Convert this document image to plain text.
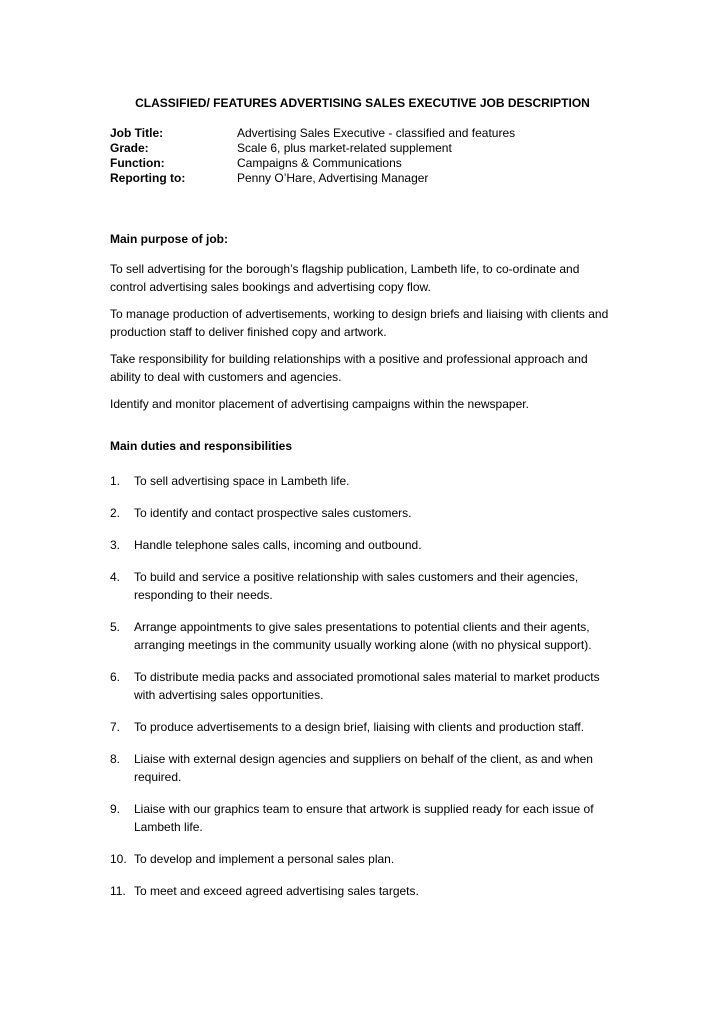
CLASSIFIED/ FEATURES ADVERTISING SALES EXECUTIVE JOB DESCRIPTION
Job Title:	Advertising Sales Executive - classified and features
Grade:	Scale 6, plus market-related supplement
Function:	Campaigns & Communications
Reporting to:	Penny O’Hare, Advertising Manager
Main purpose of job:

To sell advertising for the borough’s flagship publication, Lambeth life, to co-ordinate and control advertising sales bookings and advertising copy flow.

To manage production of advertisements, working to design briefs and liaising with clients and production staff to deliver finished copy and artwork.

Take responsibility for building relationships with a positive and professional approach and ability to deal with customers and agencies.

Identify and monitor placement of advertising campaigns within the newspaper.

Main duties and responsibilities
1.	To sell advertising space in Lambeth life.
2.	To identify and contact prospective sales customers.
3.	Handle telephone sales calls, incoming and outbound.
4.	To build and service a positive relationship with sales customers and their agencies, responding to their needs.
5.	Arrange appointments to give sales presentations to potential clients and their agents, arranging meetings in the community usually working alone (with no physical support).
6.	To distribute media packs and associated promotional sales material to market products with advertising sales opportunities.
7.	To produce advertisements to a design brief, liaising with clients and production staff.
8.	Liaise with external design agencies and suppliers on behalf of the client, as and when required.
9.	Liaise with our graphics team to ensure that artwork is supplied ready for each issue of Lambeth life.
10. To develop and implement a personal sales plan.
11. To meet and exceed agreed advertising sales targets.
